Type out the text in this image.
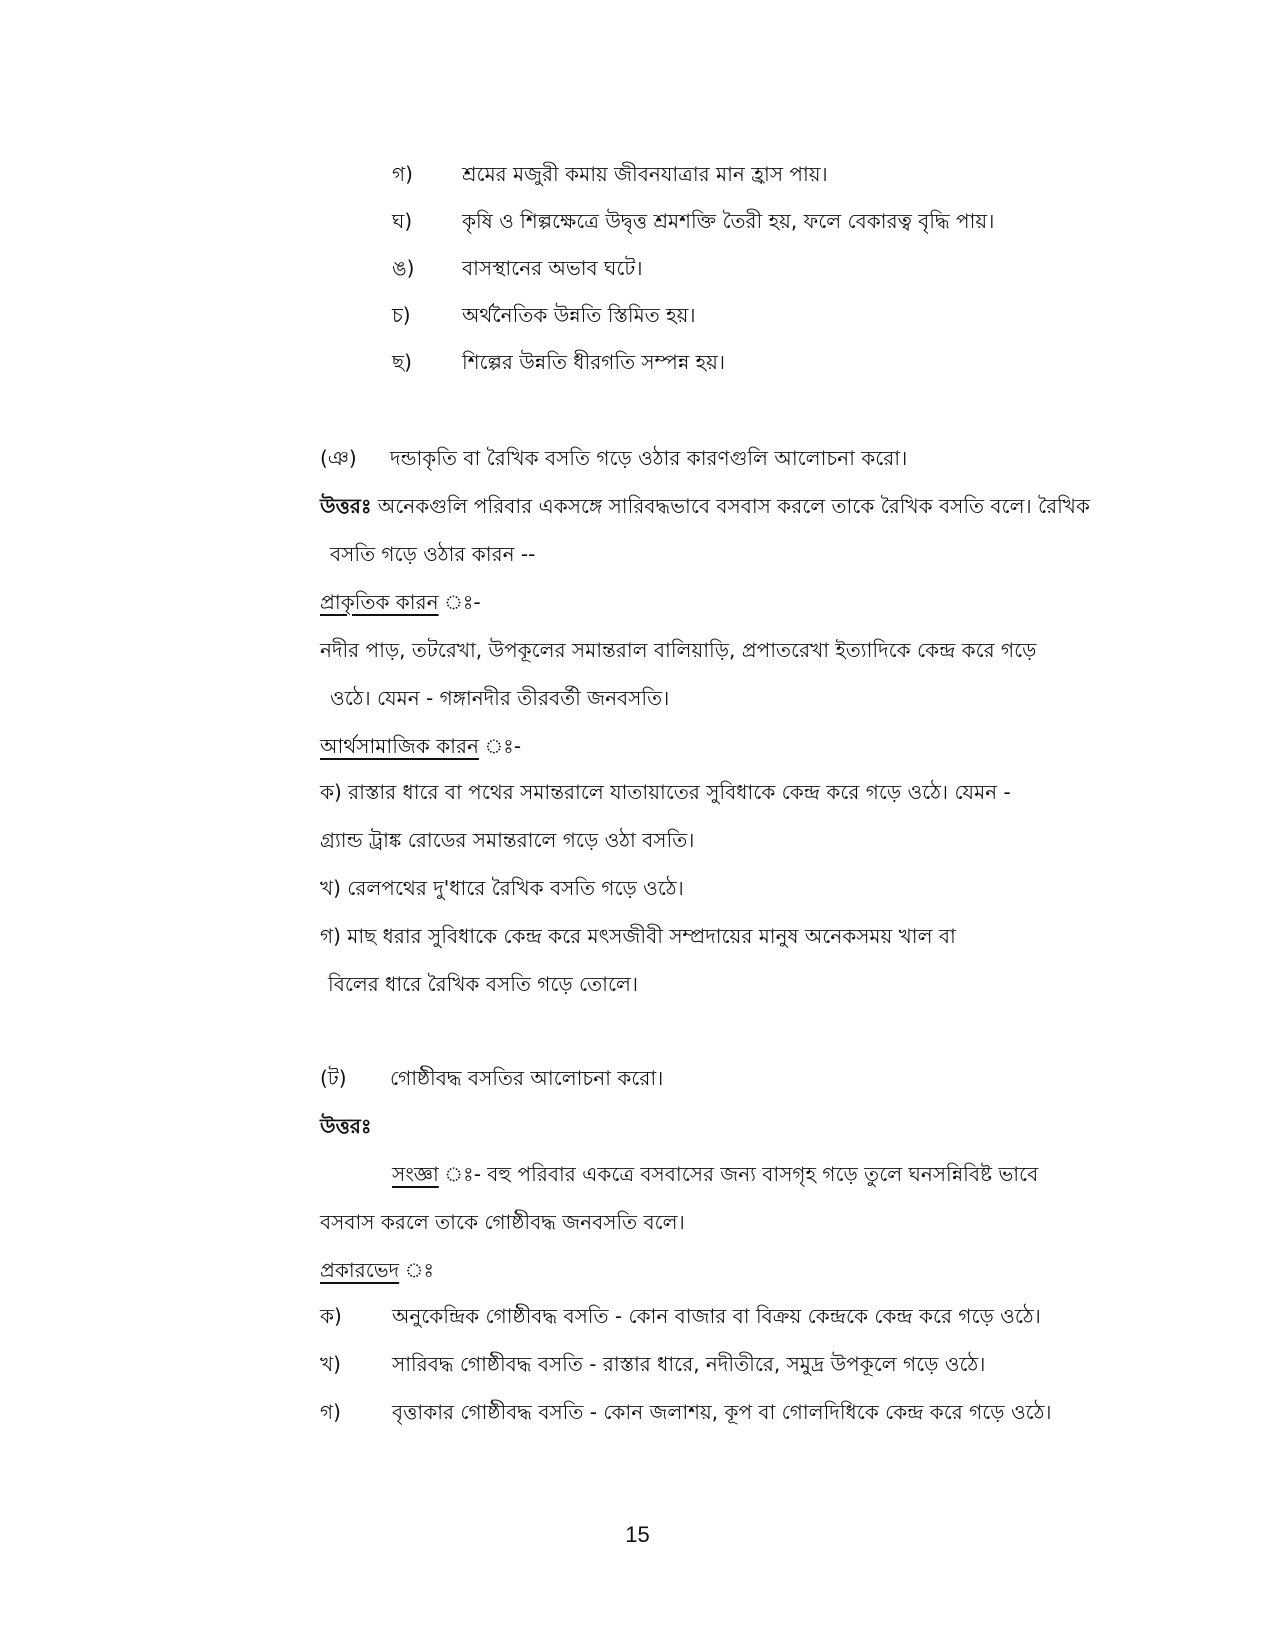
গ) শ্রমের মজুরী কমায় জীবনযাত্রার মান হ্রাস পায়।
ঘ) কৃষি ও শিল্পক্ষেত্রে উদ্বৃত্ত শ্রমশক্তি তৈরী হয়, ফলে বেকারত্ব বৃদ্ধি পায়।
ঙ) বাসস্থানের অভাব ঘটে।
চ)	অর্থনৈতিক উন্নতি স্তিমিত হয়।
ছ)	শিল্পের উন্নতি ধীরগতি সম্পন্ন হয়।
(ঞ) দন্ডাকৃতি বা রৈখিক বসতি গড়ে ওঠার কারণগুলি আলোচনা করো।
উত্তরঃ অনেকগুলি পরিবার একসঙ্গে সারিবদ্ধভাবে বসবাস করলে তাকে রৈখিক বসতি বলে। রৈখিক
বসতি গড়ে ওঠার কারন --
প্রাকৃতিক কারন ঃ-
নদীর পাড়, তটরেখা, উপকূলের সমান্তরাল বালিয়াড়ি, প্রপাতরেখা ইত্যাদিকে কেন্দ্র করে গড়ে
ওঠে। যেমন - গঙ্গানদীর তীরবর্তী জনবসতি।
আর্থসামাজিক কারন ঃ-
ক) রাস্তার ধারে বা পথের সমান্তরালে যাতায়াতের সুবিধাকে কেন্দ্র করে গড়ে ওঠে। যেমন -
গ্র্যান্ড ট্রাঙ্ক রোডের সমান্তরালে গড়ে ওঠা বসতি।
খ) রেলপথের দু'ধারে রৈখিক বসতি গড়ে ওঠে।
গ) মাছ ধরার সুবিধাকে কেন্দ্র করে মৎসজীবী সম্প্রদায়ের মানুষ অনেকসময় খাল বা
বিলের ধারে রৈখিক বসতি গড়ে তোলে।
(ট) গোষ্ঠীবদ্ধ বসতির আলোচনা করো।
উত্তরঃ
সংজ্ঞা ঃ- বহু পরিবার একত্রে বসবাসের জন্য বাসগৃহ গড়ে তুলে ঘনসন্নিবিষ্ট ভাবে
বসবাস করলে তাকে গোষ্ঠীবদ্ধ জনবসতি বলে।
প্রকারভেদ
ক)	অনুকেন্দ্রিক গোষ্ঠীবদ্ধ বসতি - কোন বাজার বা বিক্রয় কেন্দ্রকে কেন্দ্র করে গড়ে ওঠে।
খ)	সারিবদ্ধ গোষ্ঠীবদ্ধ বসতি - রাস্তার ধারে, নদীতীরে, সমুদ্র উপকূলে গড়ে ওঠে।
গ)	বৃত্তাকার গোষ্ঠীবদ্ধ বসতি - কোন জলাশয়, কূপ বা গোলদিধিকে কেন্দ্র করে গড়ে ওঠে।
15
